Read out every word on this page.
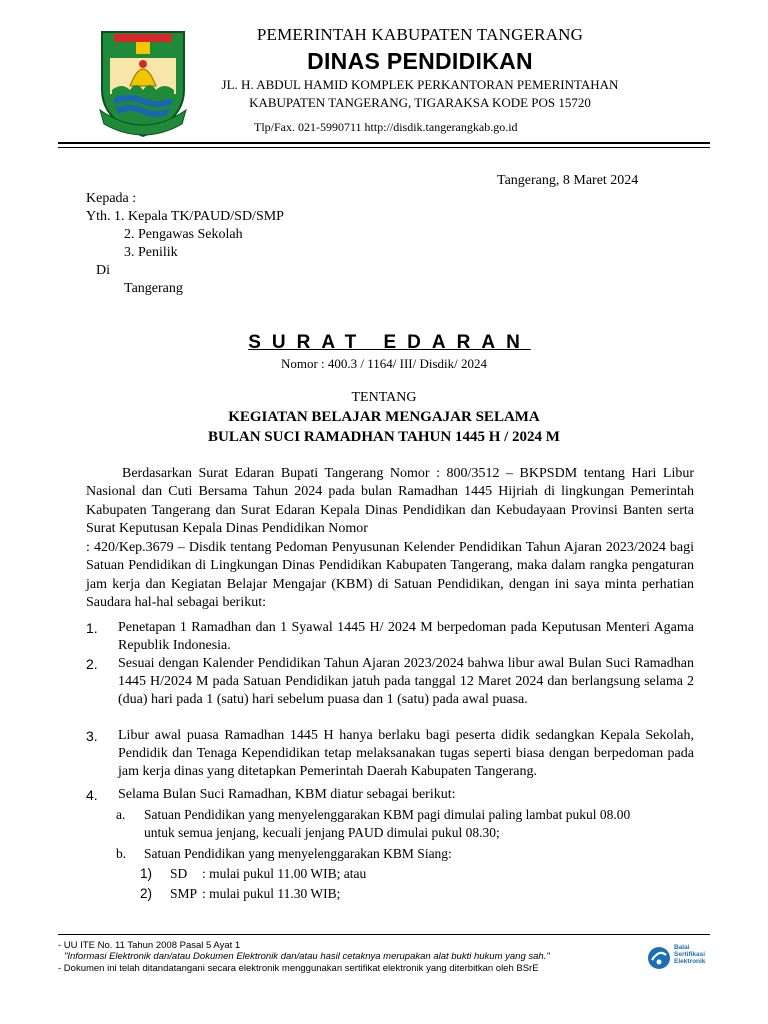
PEMERINTAH KABUPATEN TANGERANG
DINAS PENDIDIKAN
JL. H. ABDUL HAMID KOMPLEK PERKANTORAN PEMERINTAHAN
KABUPATEN TANGERANG, TIGARAKSA KODE POS 15720
Tlp/Fax. 021-5990711 http://disdik.tangerangkab.go.id
Tangerang, 8 Maret 2024
Kepada :
Yth. 1. Kepala TK/PAUD/SD/SMP
2. Pengawas Sekolah
3. Penilik
Di
Tangerang
SURAT EDARAN
Nomor : 400.3 / 1164/ III/ Disdik/ 2024
TENTANG
KEGIATAN BELAJAR MENGAJAR SELAMA
BULAN SUCI RAMADHAN TAHUN 1445 H / 2024 M
Berdasarkan Surat Edaran Bupati Tangerang Nomor : 800/3512 – BKPSDM tentang Hari Libur Nasional dan Cuti Bersama Tahun 2024 pada bulan Ramadhan 1445 Hijriah di lingkungan Pemerintah Kabupaten Tangerang dan Surat Edaran Kepala Dinas Pendidikan dan Kebudayaan Provinsi Banten serta Surat Keputusan Kepala Dinas Pendidikan Nomor
: 420/Kep.3679 – Disdik tentang Pedoman Penyusunan Kelender Pendidikan Tahun Ajaran 2023/2024 bagi Satuan Pendidikan di Lingkungan Dinas Pendidikan Kabupaten Tangerang, maka dalam rangka pengaturan jam kerja dan Kegiatan Belajar Mengajar (KBM) di Satuan Pendidikan, dengan ini saya minta perhatian Saudara hal-hal sebagai berikut:
1. Penetapan 1 Ramadhan dan 1 Syawal 1445 H/ 2024 M berpedoman pada Keputusan Menteri Agama Republik Indonesia.
2. Sesuai dengan Kalender Pendidikan Tahun Ajaran 2023/2024 bahwa libur awal Bulan Suci Ramadhan 1445 H/2024 M pada Satuan Pendidikan jatuh pada tanggal 12 Maret 2024 dan berlangsung selama 2 (dua) hari pada 1 (satu) hari sebelum puasa dan 1 (satu) pada awal puasa.
3. Libur awal puasa Ramadhan 1445 H hanya berlaku bagi peserta didik sedangkan Kepala Sekolah, Pendidik dan Tenaga Kependidikan tetap melaksanakan tugas seperti biasa dengan berpedoman pada jam kerja dinas yang ditetapkan Pemerintah Daerah Kabupaten Tangerang.
4. Selama Bulan Suci Ramadhan, KBM diatur sebagai berikut:
a. Satuan Pendidikan yang menyelenggarakan KBM pagi dimulai paling lambat pukul 08.00
untuk semua jenjang, kecuali jenjang PAUD dimulai pukul 08.30;
b. Satuan Pendidikan yang menyelenggarakan KBM Siang:
1) SD : mulai pukul 11.00 WIB; atau
2) SMP : mulai pukul 11.30 WIB;
- UU ITE No. 11 Tahun 2008 Pasal 5 Ayat 1
"Informasi Elektronik dan/atau Dokumen Elektronik dan/atau hasil cetaknya merupakan alat bukti hukum yang sah."
- Dokumen ini telah ditandatangani secara elektronik menggunakan sertifikat elektronik yang diterbitkan oleh BSrE
Balai
Sertifikasi
Elektronik
